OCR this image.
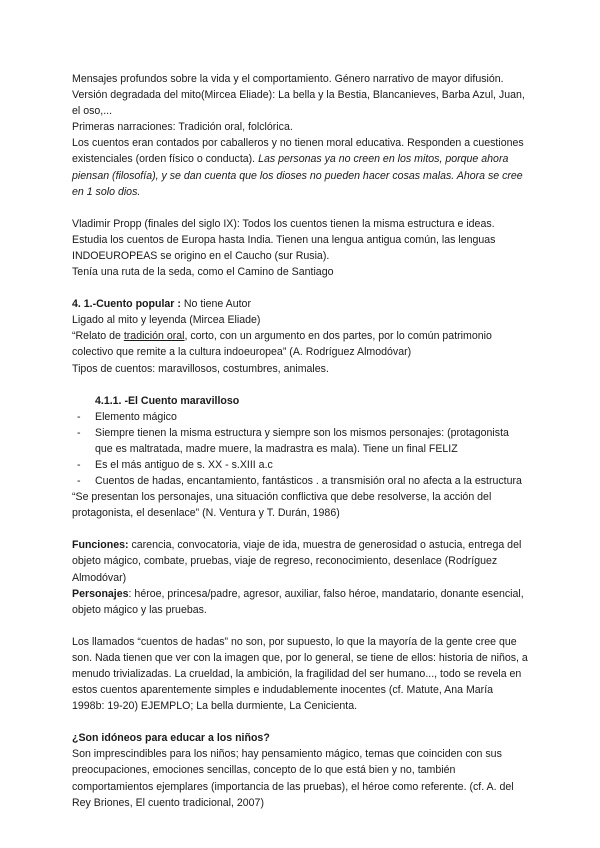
Mensajes profundos sobre la vida y el comportamiento. Género narrativo de mayor difusión.

Versión degradada del mito(Mircea Eliade): La bella y la Bestia, Blancanieves, Barba Azul, Juan, el oso,...

Primeras narraciones: Tradición oral, folclórica.

Los cuentos eran contados por caballeros y no tienen moral educativa. Responden a cuestiones existenciales (orden físico o conducta). Las personas ya no creen en los mitos, porque ahora piensan (filosofía), y se dan cuenta que los dioses no pueden hacer cosas malas. Ahora se cree en 1 solo dios.

Vladimir Propp (finales del siglo IX): Todos los cuentos tienen la misma estructura e ideas.

Estudia los cuentos de Europa hasta India. Tienen una lengua antigua común, las lenguas INDOEUROPEAS se origino en el Caucho (sur Rusia).

Tenía una ruta de la seda, como el Camino de Santiago

4. 1.-Cuento popular : No tiene Autor

Ligado al mito y leyenda (Mircea Eliade)

“Relato de tradición oral, corto, con un argumento en dos partes, por lo común patrimonio colectivo que remite a la cultura indoeuropea” (A. Rodríguez Almodóvar)

Tipos de cuentos: maravillosos, costumbres, animales.

4.1.1. -El Cuento maravilloso

- Elemento mágico
- Siempre tienen la misma estructura y siempre son los mismos personajes: (protagonista que es maltratada, madre muere, la madrastra es mala). Tiene un final FELIZ
- Es el más antiguo de s. XX - s.XIII a.c
- Cuentos de hadas, encantamiento, fantásticos . a transmisión oral no afecta a la estructura

“Se presentan los personajes, una situación conflictiva que debe resolverse, la acción del protagonista, el desenlace” (N. Ventura y T. Durán, 1986)

Funciones: carencia, convocatoria, viaje de ida, muestra de generosidad o astucia, entrega del objeto mágico, combate, pruebas, viaje de regreso, reconocimiento, desenlace (Rodríguez Almodóvar)

Personajes: héroe, princesa/padre, agresor, auxiliar, falso héroe, mandatario, donante esencial, objeto mágico y las pruebas.

Los llamados “cuentos de hadas” no son, por supuesto, lo que la mayoría de la gente cree que son. Nada tienen que ver con la imagen que, por lo general, se tiene de ellos: historia de niños, a menudo trivializadas. La crueldad, la ambición, la fragilidad del ser humano..., todo se revela en estos cuentos aparentemente simples e indudablemente inocentes (cf. Matute, Ana María 1998b: 19-20) EJEMPLO; La bella durmiente, La Cenicienta.

¿Son idóneos para educar a los niños?

Son imprescindibles para los niños; hay pensamiento mágico, temas que coinciden con sus preocupaciones, emociones sencillas, concepto de lo que está bien y no, también comportamientos ejemplares (importancia de las pruebas), el héroe como referente. (cf. A. del Rey Briones, El cuento tradicional, 2007)
